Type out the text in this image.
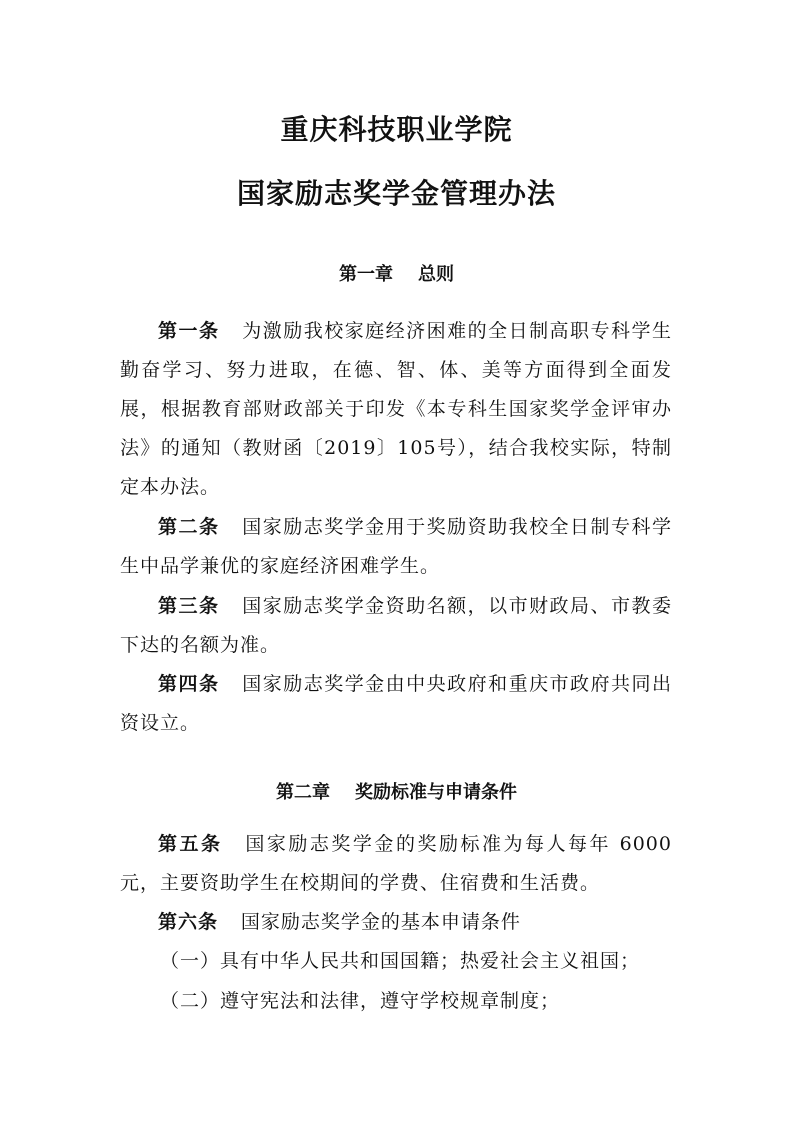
重庆科技职业学院
国家励志奖学金管理办法
第一章    总则
第一条 为激励我校家庭经济困难的全日制高职专科学生勤奋学习、努力进取，在德、智、体、美等方面得到全面发展，根据教育部财政部关于印发《本专科生国家奖学金评审办法》的通知（教财函〔2019〕105号），结合我校实际，特制定本办法。
第二条 国家励志奖学金用于奖励资助我校全日制专科学生中品学兼优的家庭经济困难学生。
第三条 国家励志奖学金资助名额，以市财政局、市教委下达的名额为准。
第四条 国家励志奖学金由中央政府和重庆市政府共同出资设立。
第二章    奖励标准与申请条件
第五条 国家励志奖学金的奖励标准为每人每年 6000 元，主要资助学生在校期间的学费、住宿费和生活费。
第六条 国家励志奖学金的基本申请条件
（一）具有中华人民共和国国籍；热爱社会主义祖国；
（二）遵守宪法和法律，遵守学校规章制度；
